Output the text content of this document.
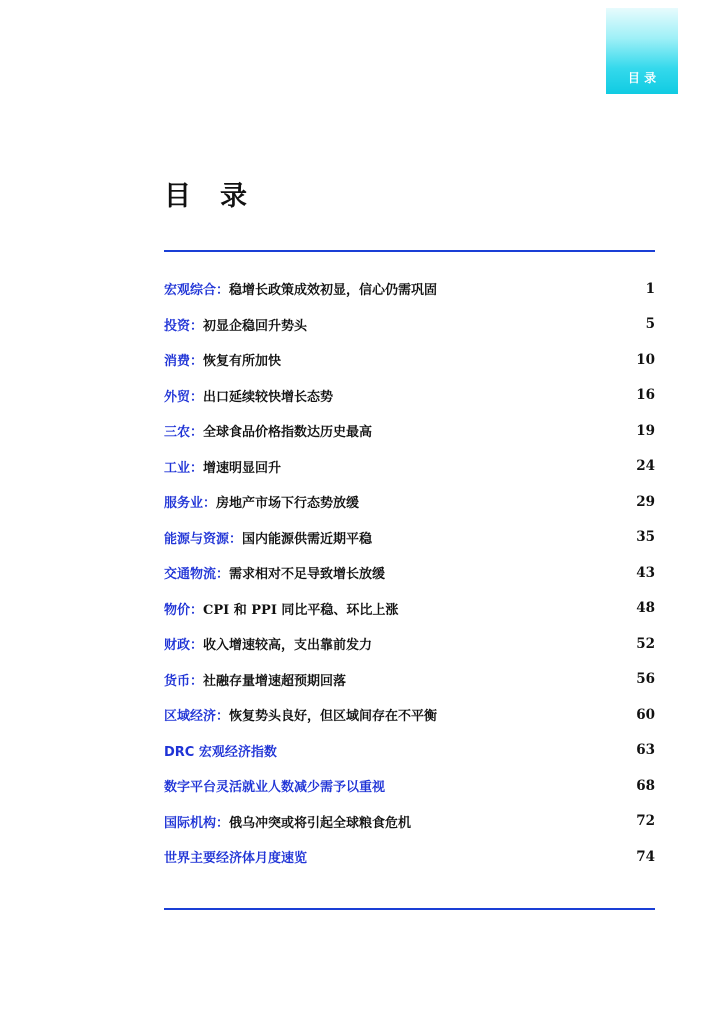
目 录
目　录
宏观综合：稳增长政策成效初显，信心仍需巩固	1
投资：初显企稳回升势头	5
消费：恢复有所加快	10
外贸：出口延续较快增长态势	16
三农：全球食品价格指数达历史最高	19
工业：增速明显回升	24
服务业：房地产市场下行态势放缓	29
能源与资源：国内能源供需近期平稳	35
交通物流：需求相对不足导致增长放缓	43
物价：CPI 和 PPI 同比平稳、环比上涨	48
财政：收入增速较高，支出靠前发力	52
货币：社融存量增速超预期回落	56
区域经济：恢复势头良好，但区域间存在不平衡	60
DRC 宏观经济指数	63
数字平台灵活就业人数减少需予以重视	68
国际机构：俄乌冲突或将引起全球粮食危机	72
世界主要经济体月度速览	74
